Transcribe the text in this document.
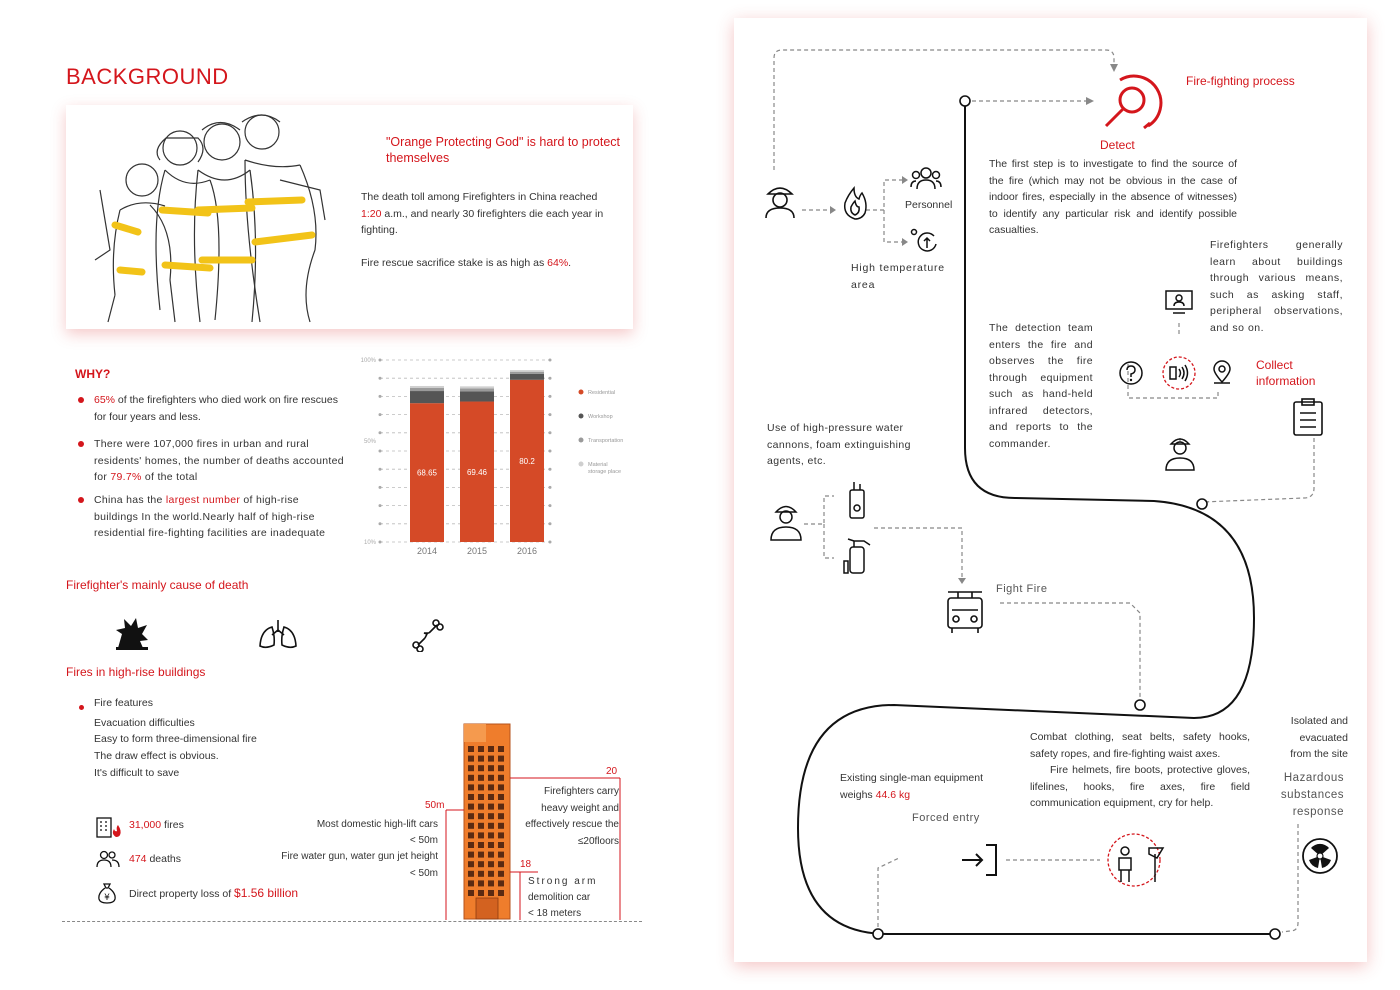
BACKGROUND
"Orange Protecting God" is hard to protect themselves
The death toll among Firefighters in China reached 1:20 a.m., and nearly 30 firefighters die each year in fighting.
Fire rescue sacrifice stake is as high as 64%.
WHY?
65% of the firefighters who died work on fire rescues for four years and less.
There were 107,000 fires in urban and rural residents' homes, the number of deaths accounted for 79.7% of the total
China has the largest number of high-rise buildings In the world.Nearly half of high-rise residential fire-fighting facilities are inadequate
100%
50%
10%
68.65
2014
69.46
2015
80.2
2016
Residential
Workshop
Transportation
Material
storage place
Firefighter's mainly cause of death
Fires in high-rise buildings
Fire features
Evacuation difficulties
Easy to form three-dimensional fire
The draw effect is obvious.
It's difficult to save
31,000 fires
474 deaths
¥ Direct property loss of $1.56 billion
50m
Most domestic high-lift cars
< 50m
Fire water gun, water gun jet height
< 50m
20
Firefighters carry heavy weight and effectively rescue the ≤20floors
18
Strong arm
demolition car
< 18 meters
Personnel
High temperature area
Fire-fighting process
Detect
The first step is to investigate to find the source of the fire (which may not be obvious in the case of indoor fires, especially in the absence of witnesses) to identify any particular risk and identify possible casualties.
Firefighters generally learn about buildings through various means, such as asking staff, peripheral observations, and so on.
The detection team enters the fire and observes the fire through equipment such as hand-held infrared detectors, and reports to the commander.
Collect information
Use of high-pressure water cannons, foam extinguishing agents, etc.
Fight Fire
Combat clothing, seat belts, safety hooks, safety ropes, and fire-fighting waist axes.
Fire helmets, fire boots, protective gloves, lifelines, hooks, fire axes, fire field communication equipment, cry for help.
Isolated and evacuated from the site
Hazardous substances response
Existing single-man equipment weighs 44.6 kg
Forced entry
